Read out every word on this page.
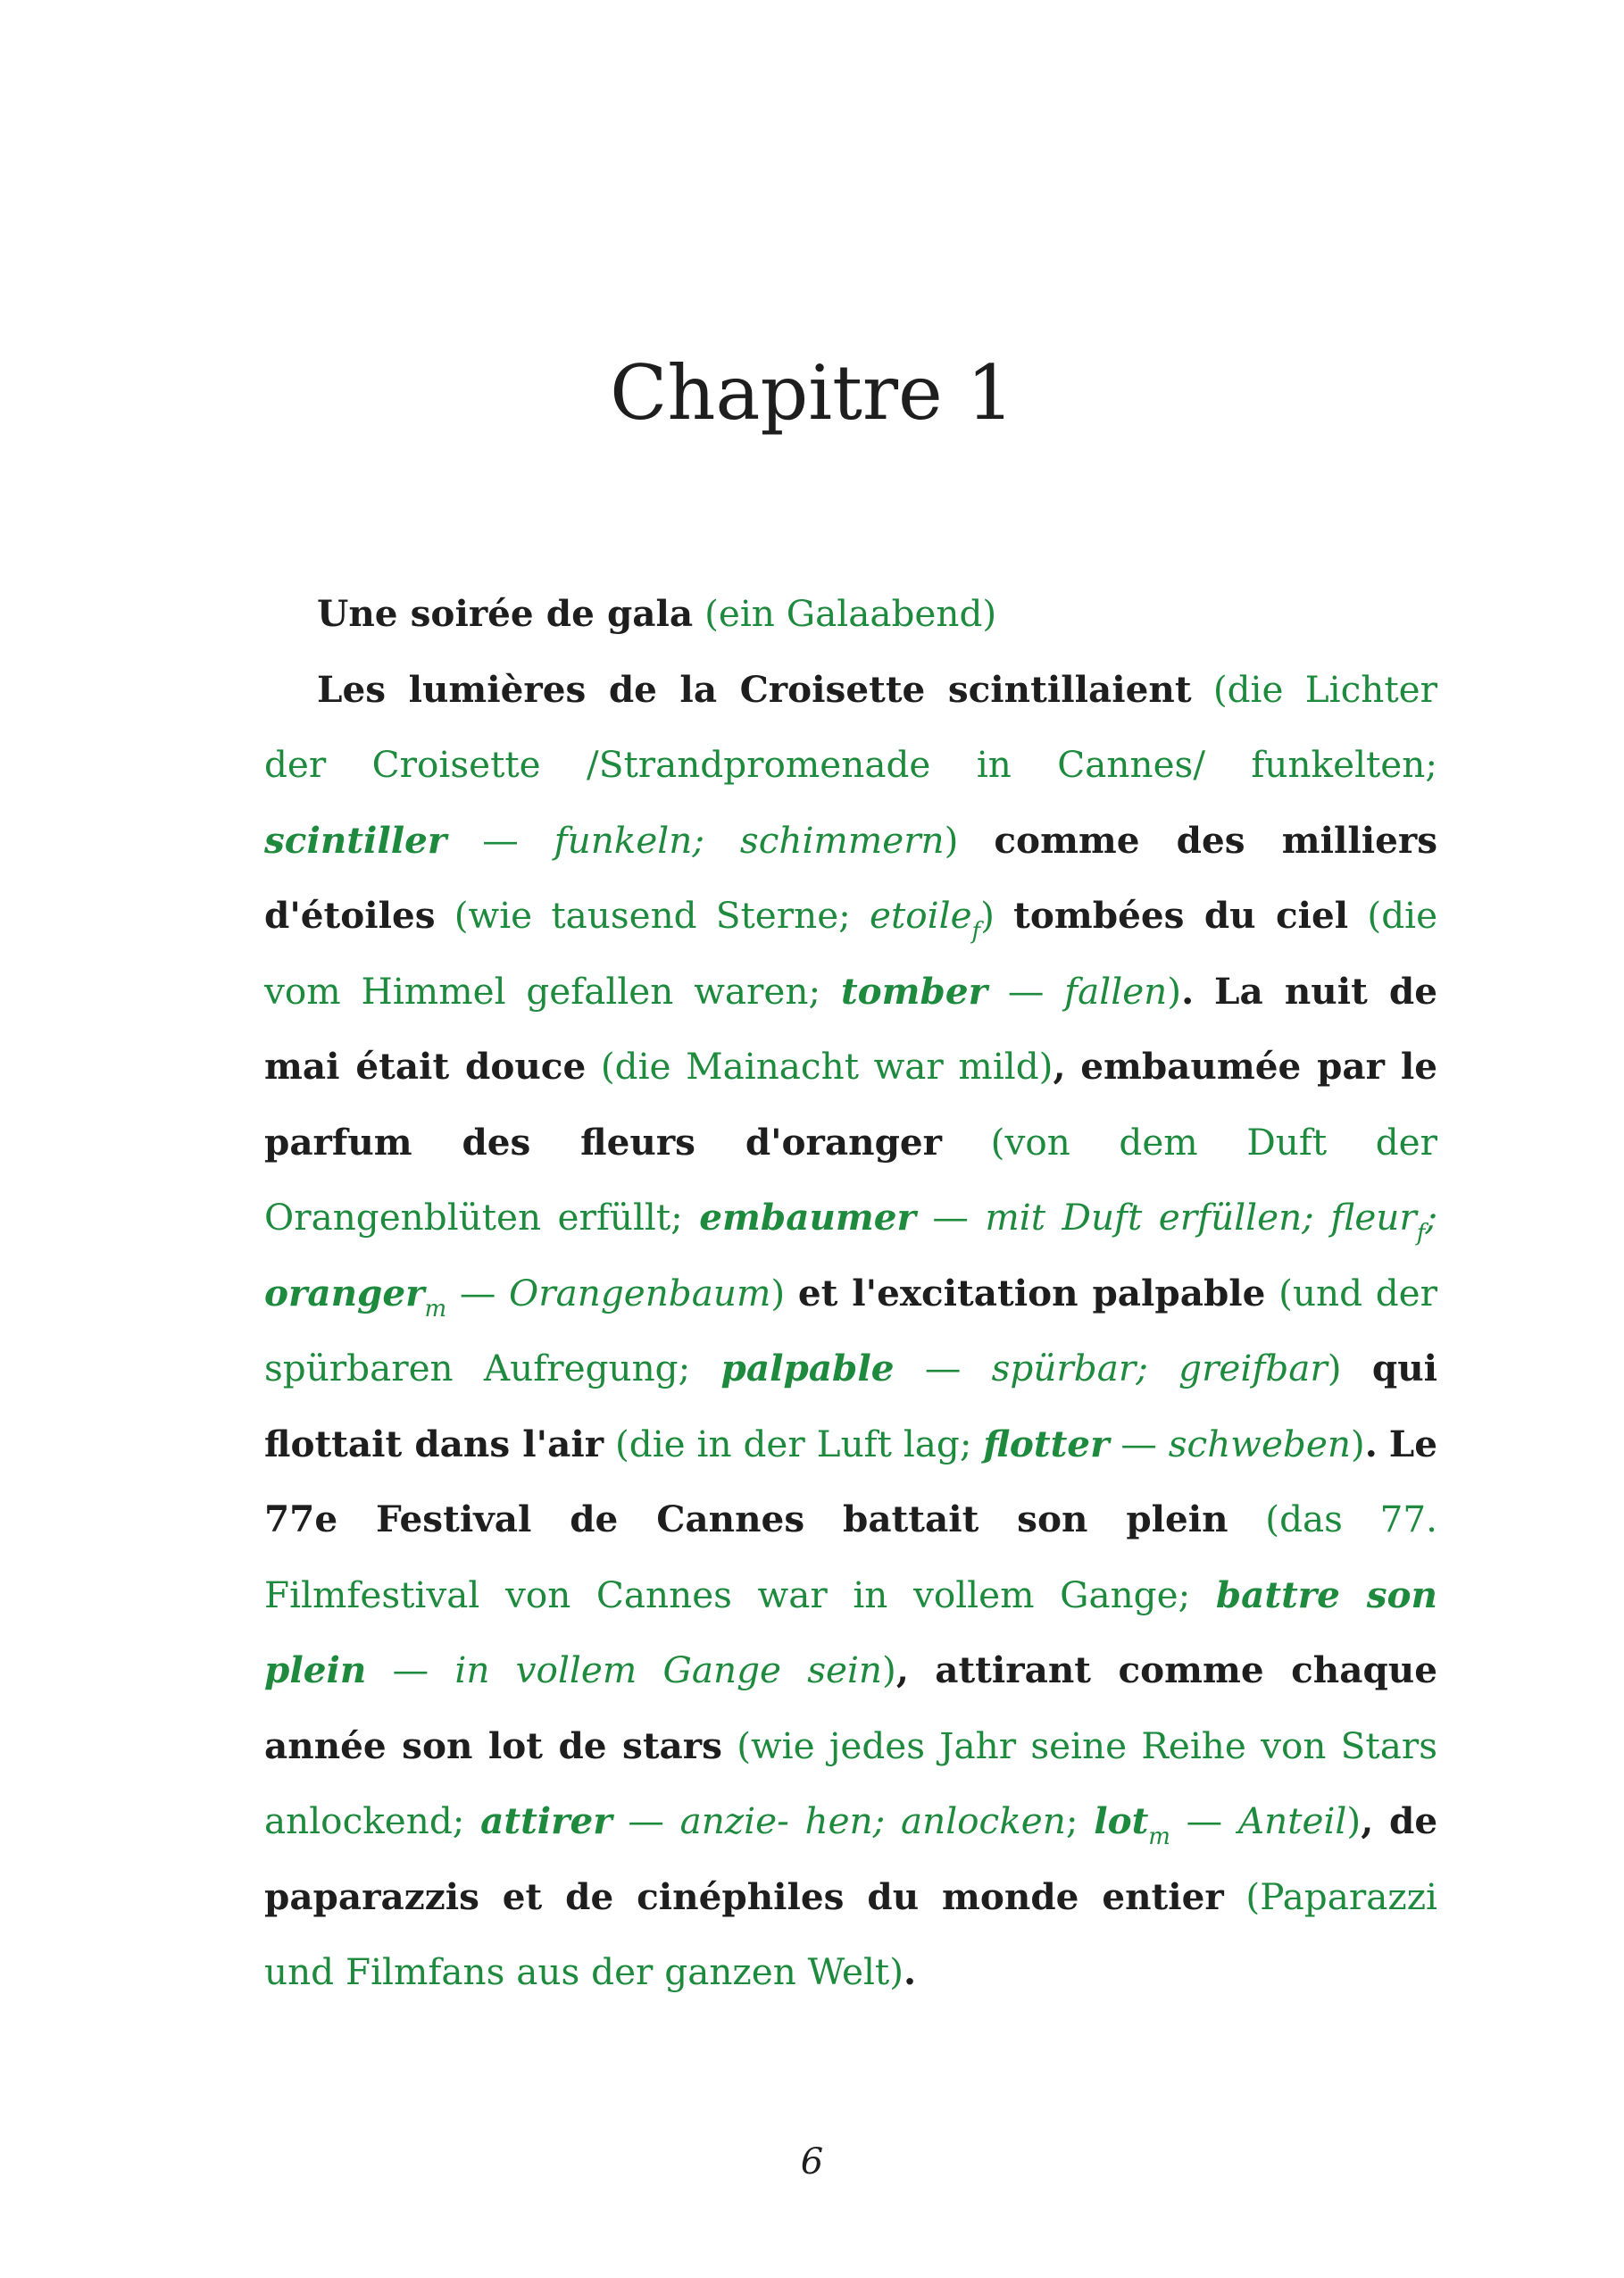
Chapitre 1

Une soirée de gala (ein Galaabend)

Les lumières de la Croisette scintillaient (die Lichter der Croisette /Strandpromenade in Cannes/ funkelten; scintiller — funkeln; schimmern) comme des milliers d'étoiles (wie tausend Sterne; etoile$_f$) tombées du ciel (die vom Himmel gefallen waren; tomber — fallen). La nuit de mai était douce (die Mainacht war mild), embaumée par le parfum des fleurs d'oranger (von dem Duft der Orangenblüten erfüllt; embaumer — mit Duft erfüllen; fleur$_f$; oranger$_m$ — Orangenbaum) et l'excitation palpable (und der spürbaren Aufregung; palpable — spürbar; greifbar) qui flottait dans l'air (die in der Luft lag; flotter — schweben). Le 77e Festival de Cannes battait son plein (das 77. Filmfestival von Cannes war in vollem Gange; battre son plein — in vollem Gange sein), attirant comme chaque année son lot de stars (wie jedes Jahr seine Reihe von Stars anlockend; attirer — anzie- hen; anlocken; lot$_m$ — Anteil), de paparazzis et de cinéphiles du monde entier (Paparazzi und Filmfans aus der ganzen Welt).

6
